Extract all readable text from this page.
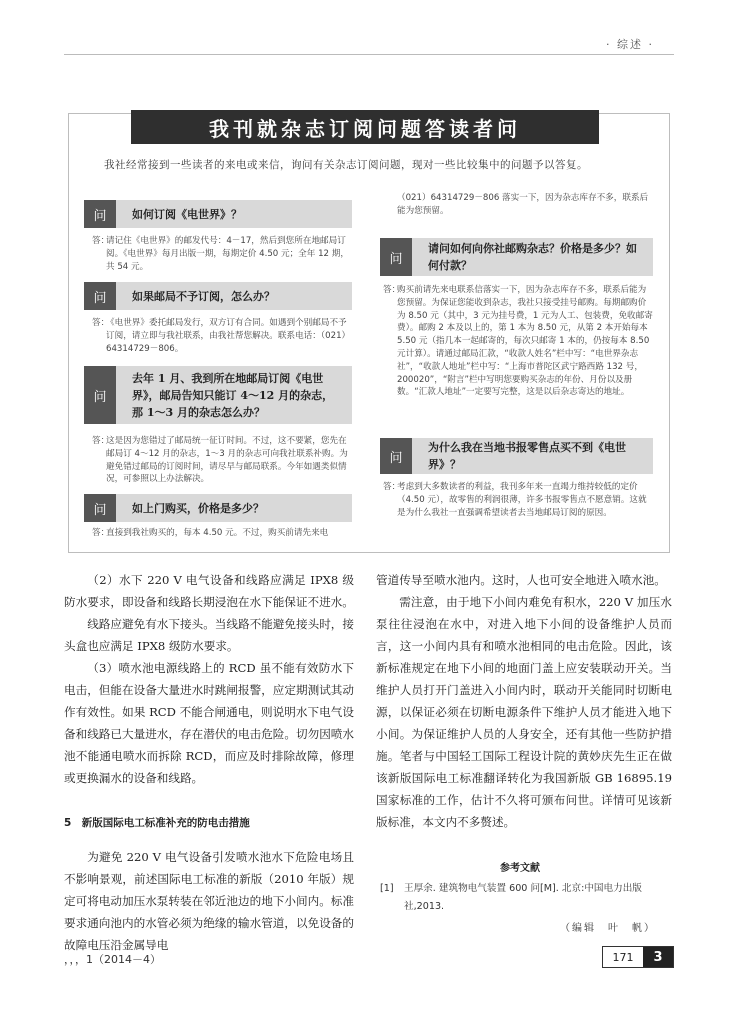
· 综述 ·
我刊就杂志订阅问题答读者问
我社经常接到一些读者的来电或来信，询问有关杂志订阅问题，现对一些比较集中的问题予以答复。
问	如何订阅《电世界》？
答：
请记住《电世界》的邮发代号：4－17，然后到您所在地邮局订阅。《电世界》每月出版一期，每期定价 4.50 元；全年 12 期，共 54 元。
问	如果邮局不予订阅，怎么办？
答：
《电世界》委托邮局发行，双方订有合同。如遇到个别邮局不予订阅，请立即与我社联系，由我社帮您解决。联系电话：（021）64314729－806。
问
去年 1 月、我到所在地邮局订阅《电世界》，邮局告知只能订 4～12 月的杂志，那 1～3 月的杂志怎么办？
答：
这是因为您错过了邮局统一征订时间。不过，这不要紧，您先在邮局订 4～12 月的杂志，1～3 月的杂志可向我社联系补购。为避免错过邮局的订阅时间，请尽早与邮局联系。今年如遇类似情况，可参照以上办法解决。
问	如上门购买，价格是多少？
答：
直接到我社购买的，每本 4.50 元。不过，购买前请先来电
（021）64314729－806 落实一下，因为杂志库存不多，联系后能为您预留。
问
请问如何向你社邮购杂志？价格是多少？如何付款？
答：
购买前请先来电联系信落实一下，因为杂志库存不多，联系后能为您预留。为保证您能收到杂志，我社只接受挂号邮购。每期邮购价为 8.50 元（其中，3 元为挂号费，1 元为人工、包装费，免收邮寄费）。邮购 2 本及以上的，第 1 本为 8.50 元，从第 2 本开始每本 5.50 元（指几本一起邮寄的，每次只邮寄 1 本的，仍按每本 8.50 元计算）。请通过邮局汇款，“收款人姓名”栏中写：“电世界杂志社”，“收款人地址”栏中写：“上海市普陀区武宁路西路 132 号，200020”，“附言”栏中写明您要购买杂志的年份、月份以及册数。“汇款人地址”一定要写完整，这是以后杂志寄达的地址。
问
为什么我在当地书报零售点买不到《电世界》？
答：
考虑到大多数读者的利益，我刊多年来一直竭力维持较低的定价（4.50 元），故零售的利润很薄，许多书报零售点不愿意销。这就是为什么我社一直强调希望读者去当地邮局订阅的原因。

（2）水下 220 V 电气设备和线路应满足 IPX8 级防水要求，即设备和线路长期浸泡在水下能保证不进水。

线路应避免有水下接头。当线路不能避免接头时，接头盒也应满足 IPX8 级防水要求。

（3）喷水池电源线路上的 RCD 虽不能有效防水下电击，但能在设备大量进水时跳闸报警，应定期测试其动作有效性。如果 RCD 不能合闸通电，则说明水下电气设备和线路已大量进水，存在潜伏的电击危险。切勿因喷水池不能通电喷水而拆除 RCD，而应及时排除故障，修理或更换漏水的设备和线路。

5　新版国际电工标准补充的防电击措施

为避免 220 V 电气设备引发喷水池水下危险电场且不影响景观，前述国际电工标准的新版（2010 年版）规定可将电动加压水泵转装在邻近池边的地下小间内。标准要求通向池内的水管必须为绝缘的输水管道，以免设备的故障电压沿金属导电

管道传导至喷水池内。这时，人也可安全地进入喷水池。

需注意，由于地下小间内难免有积水，220 V 加压水泵往往浸泡在水中，对进入地下小间的设备维护人员而言，这一小间内具有和喷水池相同的电击危险。因此，该新标准规定在地下小间的地面门盖上应安装联动开关。当维护人员打开门盖进入小间内时，联动开关能同时切断电源，以保证必须在切断电源条件下维护人员才能进入地下小间。为保证维护人员的人身安全，还有其他一些防护措施。笔者与中国轻工国际工程设计院的黄妙庆先生正在做该新版国际电工标准翻译转化为我国新版 GB 16895.19 国家标准的工作，估计不久将可颁布问世。详情可见该新版标准，本文内不多赘述。

参考文献
[1] 王厚余. 建筑物电气装置 600 问[M]. 北京:中国电力出版社,2013.
（编辑　叶　帆）
，，，1（2014－4）	171	3
